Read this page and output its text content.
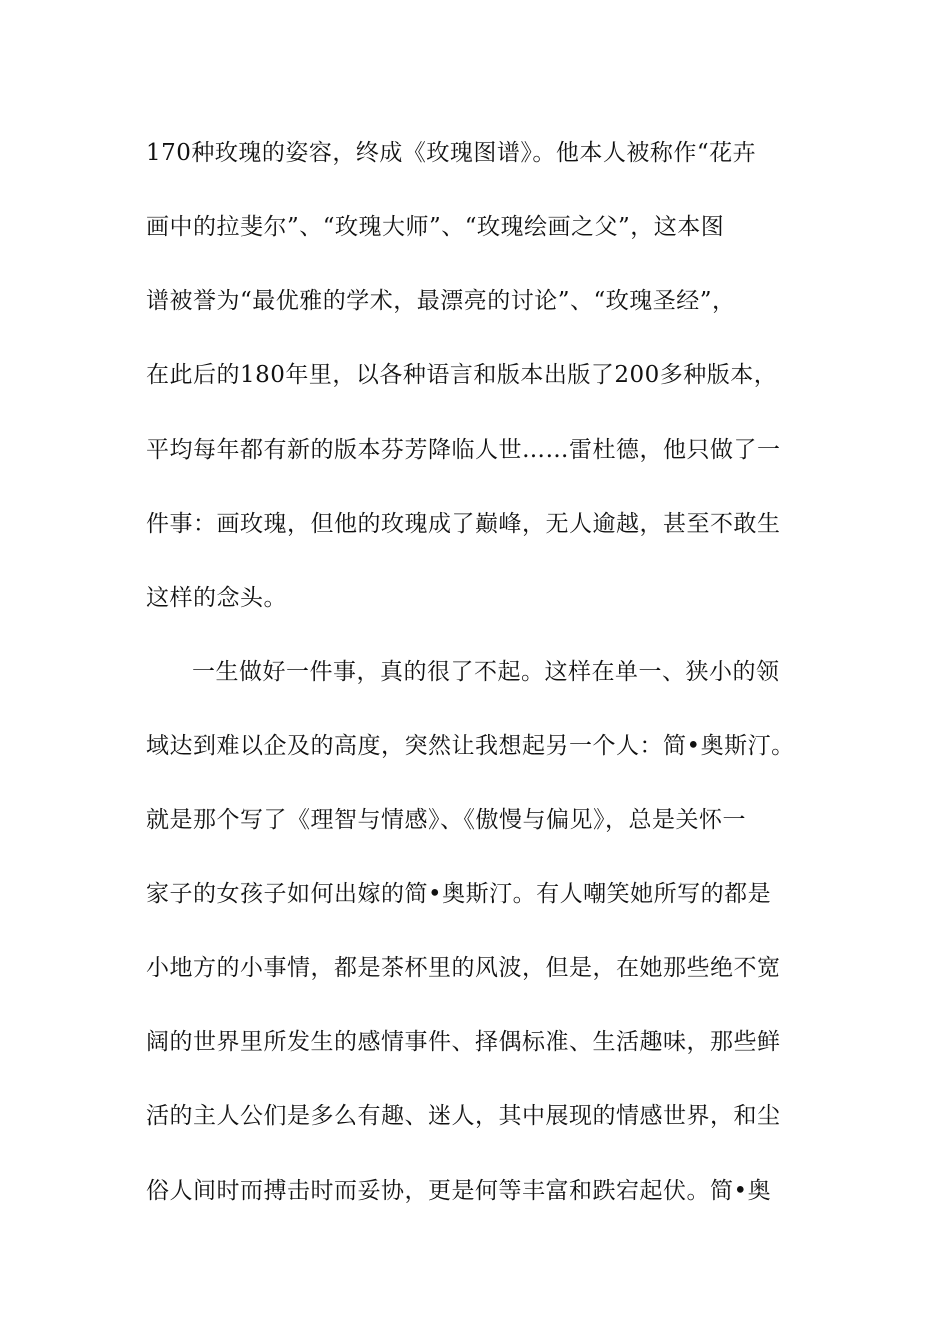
170种玫瑰的姿容，终成《玫瑰图谱》。他本人被称作“花卉
画中的拉斐尔”、“玫瑰大师”、“玫瑰绘画之父”，这本图
谱被誉为“最优雅的学术，最漂亮的讨论”、“玫瑰圣经”，
在此后的180年里，以各种语言和版本出版了200多种版本，
平均每年都有新的版本芬芳降临人世……雷杜德，他只做了一
件事：画玫瑰，但他的玫瑰成了巅峰，无人逾越，甚至不敢生
这样的念头。
一生做好一件事，真的很了不起。这样在单一、狭小的领
域达到难以企及的高度，突然让我想起另一个人：简•奥斯汀。
就是那个写了《理智与情感》、《傲慢与偏见》，总是关怀一
家子的女孩子如何出嫁的简•奥斯汀。有人嘲笑她所写的都是
小地方的小事情，都是茶杯里的风波，但是，在她那些绝不宽
阔的世界里所发生的感情事件、择偶标准、生活趣味，那些鲜
活的主人公们是多么有趣、迷人，其中展现的情感世界，和尘
俗人间时而搏击时而妥协，更是何等丰富和跌宕起伏。简•奥
